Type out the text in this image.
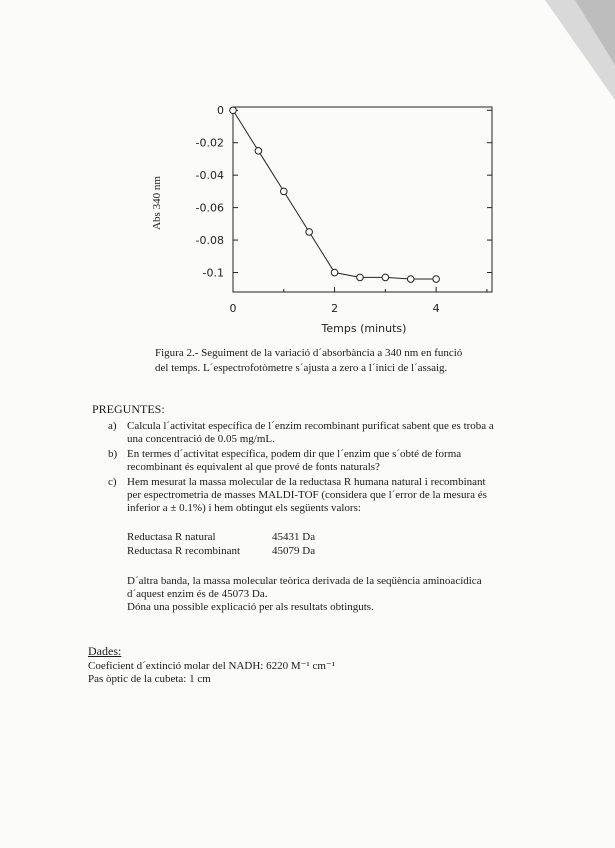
0
-0.02
-0.04
-0.06
-0.08
-0.1
0	2	4
Temps (minuts)
Abs 340 nm
Figura 2.- Seguiment de la variació d´absorbància a 340 nm en funció
del temps. L´espectrofotòmetre s´ajusta a zero a l´inici de l´assaig.
PREGUNTES:
a) Calcula l´activitat específica de l´enzim recombinant purificat sabent que es troba a
una concentració de 0.05 mg/mL.
b) En termes d´activitat específica, podem dir que l´enzim que s´obté de forma
recombinant és equivalent al que prové de fonts naturals?
c) Hem mesurat la massa molecular de la reductasa R humana natural i recombinant
per espectrometria de masses MALDI-TOF (considera que l´error de la mesura és
inferior a ± 0.1%) i hem obtingut els següents valors:
Reductasa R natural	45431 Da
Reductasa R recombinant	45079 Da
D´altra banda, la massa molecular teòrica derivada de la seqüència aminoacídica
d´aquest enzim és de 45073 Da.
Dóna una possible explicació per als resultats obtinguts.
Dades:
Coeficient d´extinció molar del NADH: 6220 M⁻¹ cm⁻¹
Pas òptic de la cubeta: 1 cm
